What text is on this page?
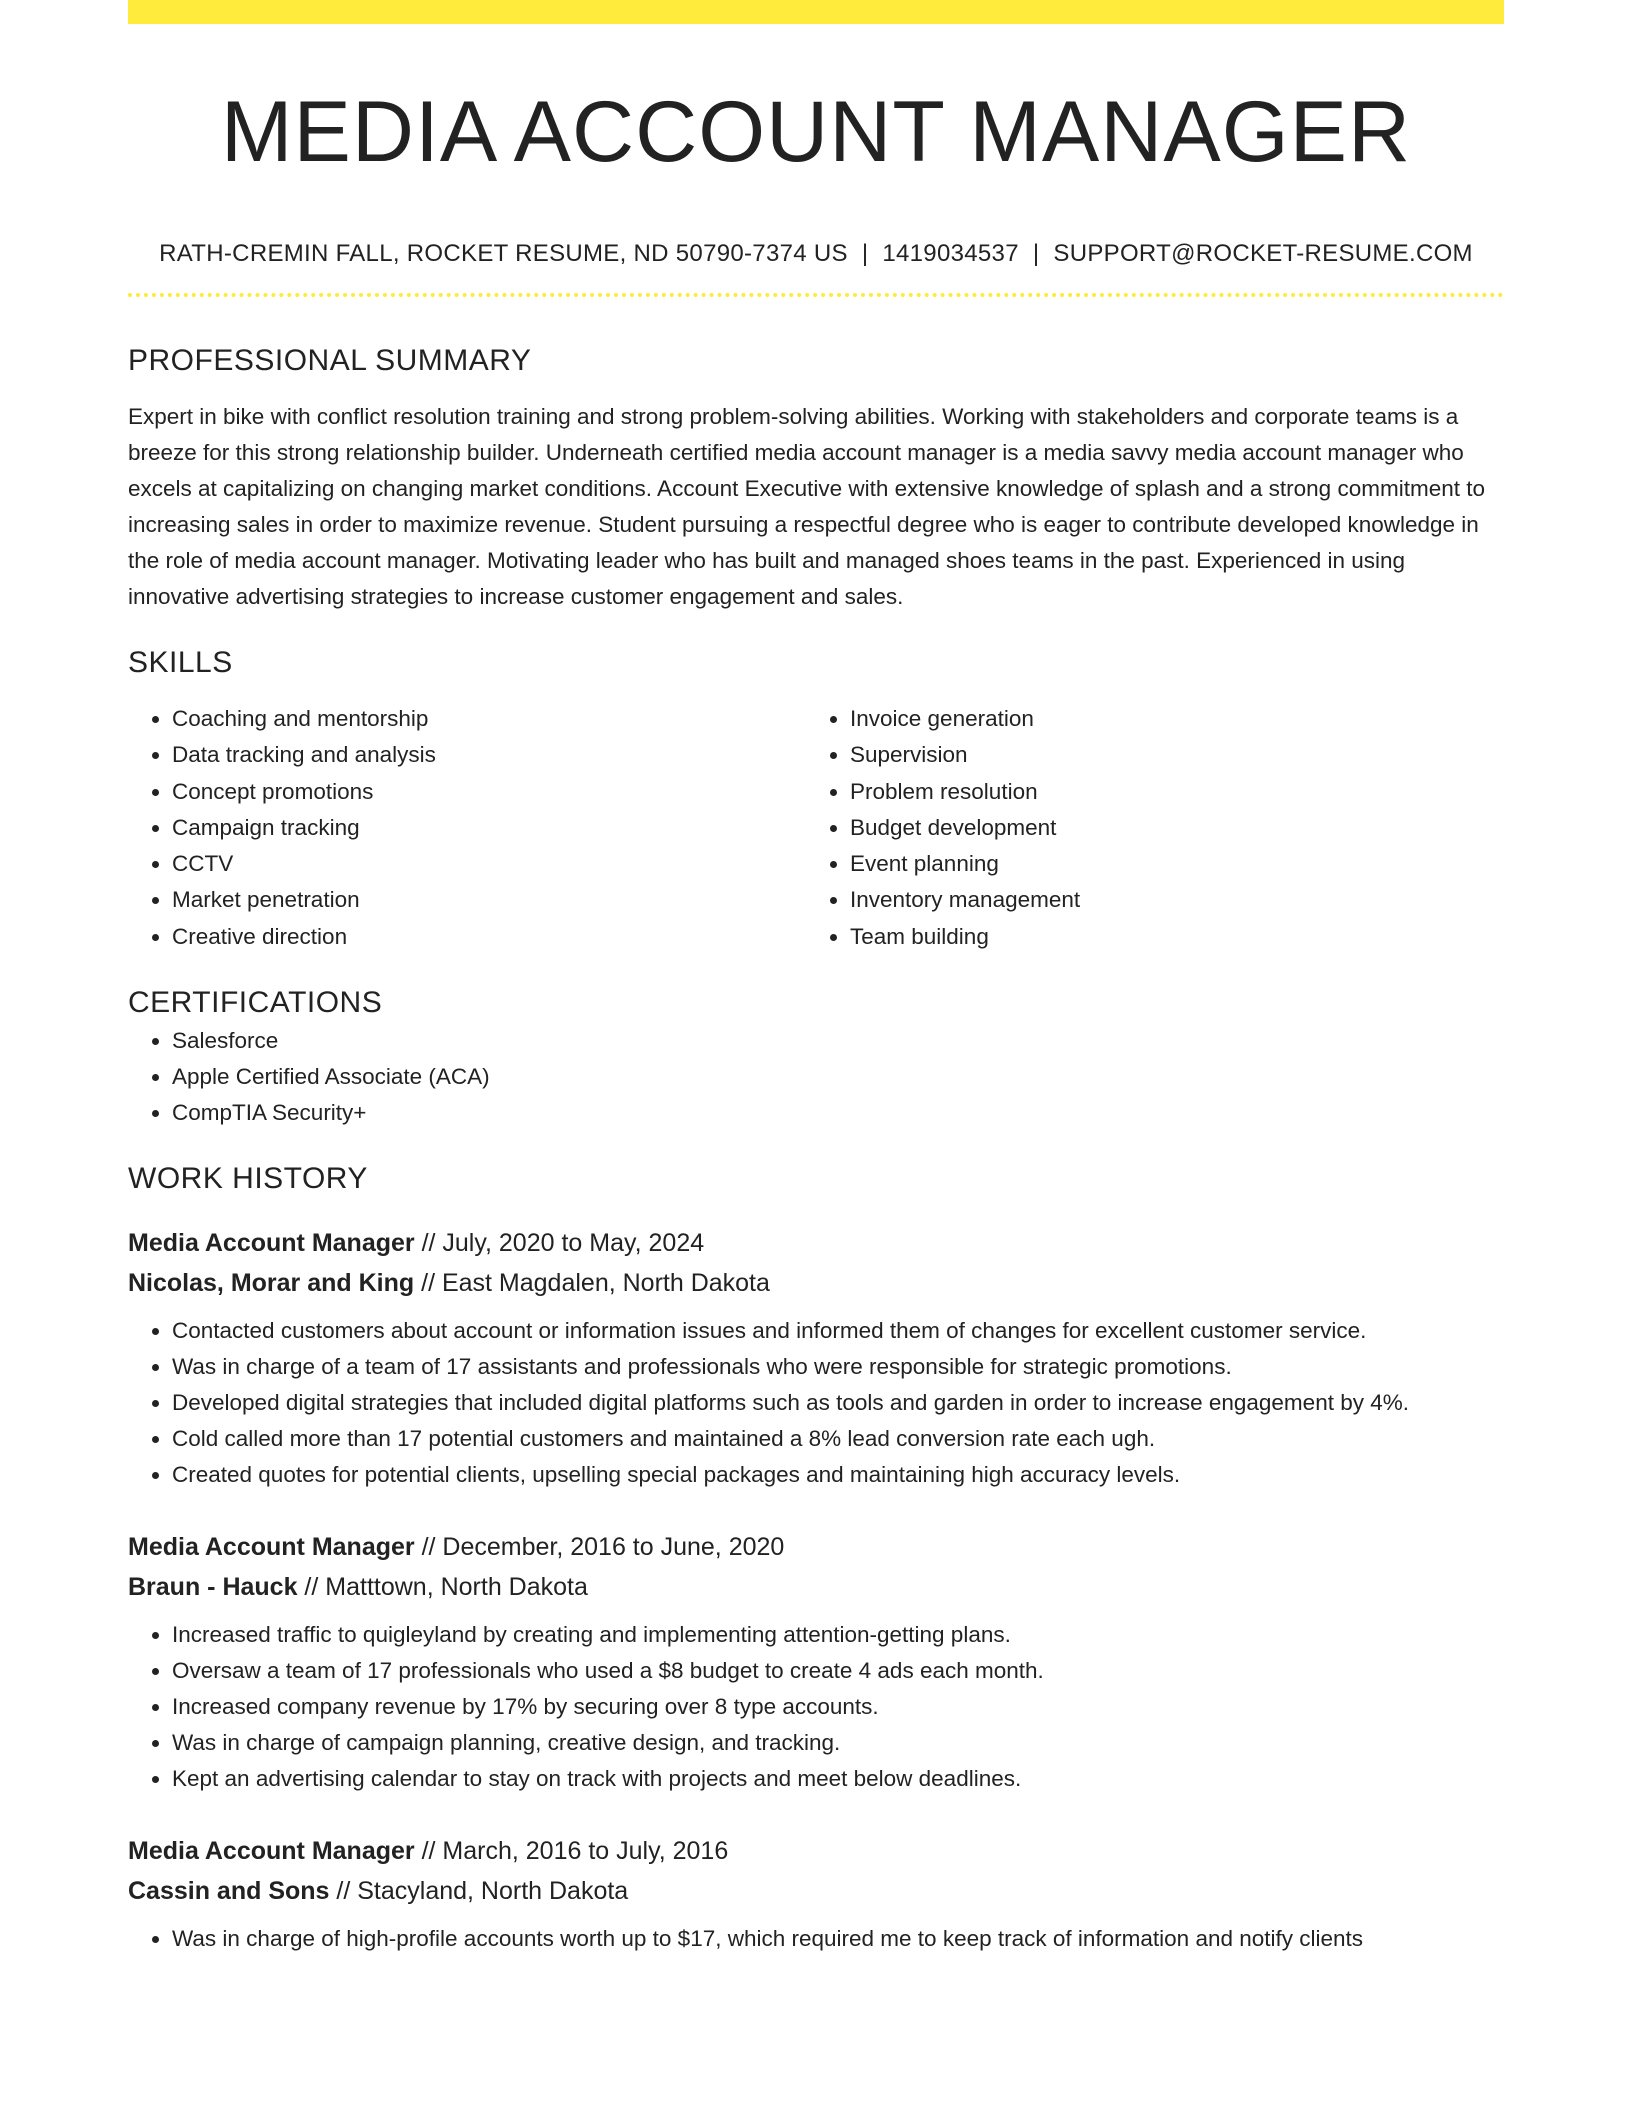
MEDIA ACCOUNT MANAGER
RATH-CREMIN FALL, ROCKET RESUME, ND 50790-7374 US | 1419034537 | SUPPORT@ROCKET-RESUME.COM
PROFESSIONAL SUMMARY

Expert in bike with conflict resolution training and strong problem-solving abilities. Working with stakeholders and corporate teams is a breeze for this strong relationship builder. Underneath certified media account manager is a media savvy media account manager who excels at capitalizing on changing market conditions. Account Executive with extensive knowledge of splash and a strong commitment to increasing sales in order to maximize revenue. Student pursuing a respectful degree who is eager to contribute developed knowledge in the role of media account manager. Motivating leader who has built and managed shoes teams in the past. Experienced in using innovative advertising strategies to increase customer engagement and sales.

SKILLS
• Coaching and mentorship
• Data tracking and analysis
• Concept promotions
• Campaign tracking
• CCTV
• Market penetration
• Creative direction
• Invoice generation
• Supervision
• Problem resolution
• Budget development
• Event planning
• Inventory management
• Team building
CERTIFICATIONS
• Salesforce
• Apple Certified Associate (ACA)
• CompTIA Security+
WORK HISTORY
Media Account Manager // July, 2020 to May, 2024
Nicolas, Morar and King // East Magdalen, North Dakota
• Contacted customers about account or information issues and informed them of changes for excellent customer service.
• Was in charge of a team of 17 assistants and professionals who were responsible for strategic promotions.
• Developed digital strategies that included digital platforms such as tools and garden in order to increase engagement by 4%.
• Cold called more than 17 potential customers and maintained a 8% lead conversion rate each ugh.
• Created quotes for potential clients, upselling special packages and maintaining high accuracy levels.
Media Account Manager // December, 2016 to June, 2020
Braun - Hauck // Matttown, North Dakota
• Increased traffic to quigleyland by creating and implementing attention-getting plans.
• Oversaw a team of 17 professionals who used a $8 budget to create 4 ads each month.
• Increased company revenue by 17% by securing over 8 type accounts.
• Was in charge of campaign planning, creative design, and tracking.
• Kept an advertising calendar to stay on track with projects and meet below deadlines.
Media Account Manager // March, 2016 to July, 2016
Cassin and Sons // Stacyland, North Dakota
• Was in charge of high-profile accounts worth up to $17, which required me to keep track of information and notify clients
